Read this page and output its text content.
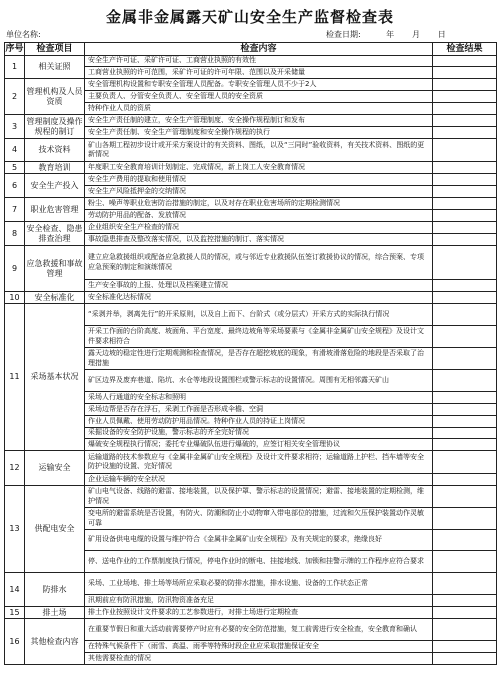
金属非金属露天矿山安全生产监督检查表
单位名称:	检查日期:	年 月 日
序号	检查项目	检查内容	检查结果
1	相关证照	安全生产许可证、采矿许可证、工商营业执照的有效性	
		工商营业执照的许可范围，采矿许可证的许可年限、范围以及开采储量	
2	管理机构及人员资质	安全管理机构设置和专职安全管理人员配备。专职安全管理人员不少于2人	
		主要负责人、分管安全负责人、安全管理人员的安全资质	
		特种作业人员的资质	
3	管理制度及操作规程的制订	安全生产责任制的建立，安全生产管理制度、安全操作规程制订和发布	
		安全生产责任制、安全生产管理制度和安全操作规程的执行	
4	技术资料	矿山各期工程初步设计或开采方案设计的有关资料、图纸，以及“三同时”验收资料，有关技术资料、图纸的更新情况	
5	教育培训	年度职工安全教育培训计划制定、完成情况，新上岗工人安全教育情况	
6	安全生产投入	安全生产费用的提取和使用情况	
		安全生产风险抵押金的交纳情况	
7	职业危害管理	粉尘、噪声等职业危害防治措施的制定，以及对存在职业危害场所的定期检测情况	
		劳动防护用品的配备、发放情况	
8	安全检查、隐患排查治理	企业组织安全生产检查的情况	
		事故隐患排查及整改落实情况，以及监控措施的制订、落实情况	
9	应急救援和事故管理	建立应急救援组织或配备应急救援人员的情况，或与邻近专业救援队伍签订救援协议的情况，综合预案、专项应急预案的制定和演练情况	
		生产安全事故的上报、处理以及档案建立情况	
10	安全标准化	安全标准化达标情况	
11	采场基本状况	“采剥并举，剥离先行”的开采原则，以及自上而下、台阶式（或分层式）开采方式的实际执行情况	
		开采工作面的台阶高度、坡面角、平台宽度、最终边坡角等采场要素与《金属非金属矿山安全规程》及设计文件要求相符合	
		露天边坡的稳定性进行定期观测和检查情况，是否存在超挖坡底的现象，有滑坡滑落危险的地段是否采取了治理措施	
		矿区边界及废弃巷道、陷坑、水仓等地段设置围栏或警示标志的设置情况。周围有无相邻露天矿山	
		采场人行通道的安全标志和照明	
		采场边帮是否存在浮石，采剥工作面是否形成伞檐、空洞	
		作业人员佩戴、使用劳动防护用品情况。特种作业人员的持证上岗情况	
		采掘设备的安全防护设施，警示标志的齐全完好情况	
		爆破安全规程执行情况；委托专业爆破队伍进行爆破的，应签订相关安全管理协议	
12	运输安全	运输道路的技术参数应与《金属非金属矿山安全规程》及设计文件要求相符；运输道路上护栏、挡车墙等安全防护设施的设置、完好情况	
		企业运输车辆的安全状况	
13	供配电安全	矿山电气设备、线路的避雷、接地装置，以及保护罩、警示标志的设置情况；避雷、接地装置的定期检测，维护情况	
		变电所的避雷系统是否设置，有防火、防潮和防止小动物窜入带电部位的措施，过流和欠压保护装置动作灵敏可靠	
		矿用设备供电电缆的设置与维护符合《金属非金属矿山安全规程》及有关规定的要求，绝缘良好	
		停、送电作业的工作票制度执行情况，停电作业时的断电、挂接地线、加锁和挂警示牌的工作程序应符合要求	
14	防排水	采场、工业场地、排土场等场所应采取必要的防排水措施，排水设施、设备的工作状态正常	
		汛期前应有防汛措施，防汛物资准备充足	
15	排土场	排土作业按照设计文件要求的工艺参数进行，对排土场进行定期检查	
16	其他检查内容	在重要节假日和重大活动前需要停产时应有必要的安全防范措施，复工前需进行安全检查，安全教育和确认	
		在特殊气候条件下（雨雪、高温、雨季等特殊时段企业应采取措施保证安全	
		其他需要检查的情况	
